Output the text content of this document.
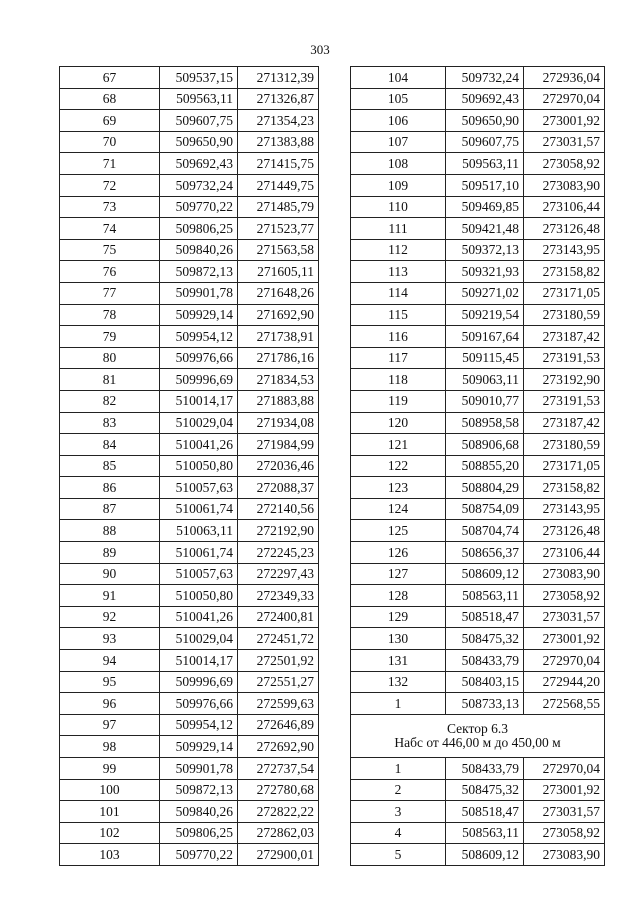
303
67	509537,15	271312,39
68	509563,11	271326,87
69	509607,75	271354,23
70	509650,90	271383,88
71	509692,43	271415,75
72	509732,24	271449,75
73	509770,22	271485,79
74	509806,25	271523,77
75	509840,26	271563,58
76	509872,13	271605,11
77	509901,78	271648,26
78	509929,14	271692,90
79	509954,12	271738,91
80	509976,66	271786,16
81	509996,69	271834,53
82	510014,17	271883,88
83	510029,04	271934,08
84	510041,26	271984,99
85	510050,80	272036,46
86	510057,63	272088,37
87	510061,74	272140,56
88	510063,11	272192,90
89	510061,74	272245,23
90	510057,63	272297,43
91	510050,80	272349,33
92	510041,26	272400,81
93	510029,04	272451,72
94	510014,17	272501,92
95	509996,69	272551,27
96	509976,66	272599,63
97	509954,12	272646,89
98	509929,14	272692,90
99	509901,78	272737,54
100	509872,13	272780,68
101	509840,26	272822,22
102	509806,25	272862,03
103	509770,22	272900,01
104	509732,24	272936,04
105	509692,43	272970,04
106	509650,90	273001,92
107	509607,75	273031,57
108	509563,11	273058,92
109	509517,10	273083,90
110	509469,85	273106,44
111	509421,48	273126,48
112	509372,13	273143,95
113	509321,93	273158,82
114	509271,02	273171,05
115	509219,54	273180,59
116	509167,64	273187,42
117	509115,45	273191,53
118	509063,11	273192,90
119	509010,77	273191,53
120	508958,58	273187,42
121	508906,68	273180,59
122	508855,20	273171,05
123	508804,29	273158,82
124	508754,09	273143,95
125	508704,74	273126,48
126	508656,37	273106,44
127	508609,12	273083,90
128	508563,11	273058,92
129	508518,47	273031,57
130	508475,32	273001,92
131	508433,79	272970,04
132	508403,15	272944,20
1	508733,13	272568,55
Сектор 6.3
Набс от 446,00 м до 450,00 м		
1	508433,79	272970,04
2	508475,32	273001,92
3	508518,47	273031,57
4	508563,11	273058,92
5	508609,12	273083,90
